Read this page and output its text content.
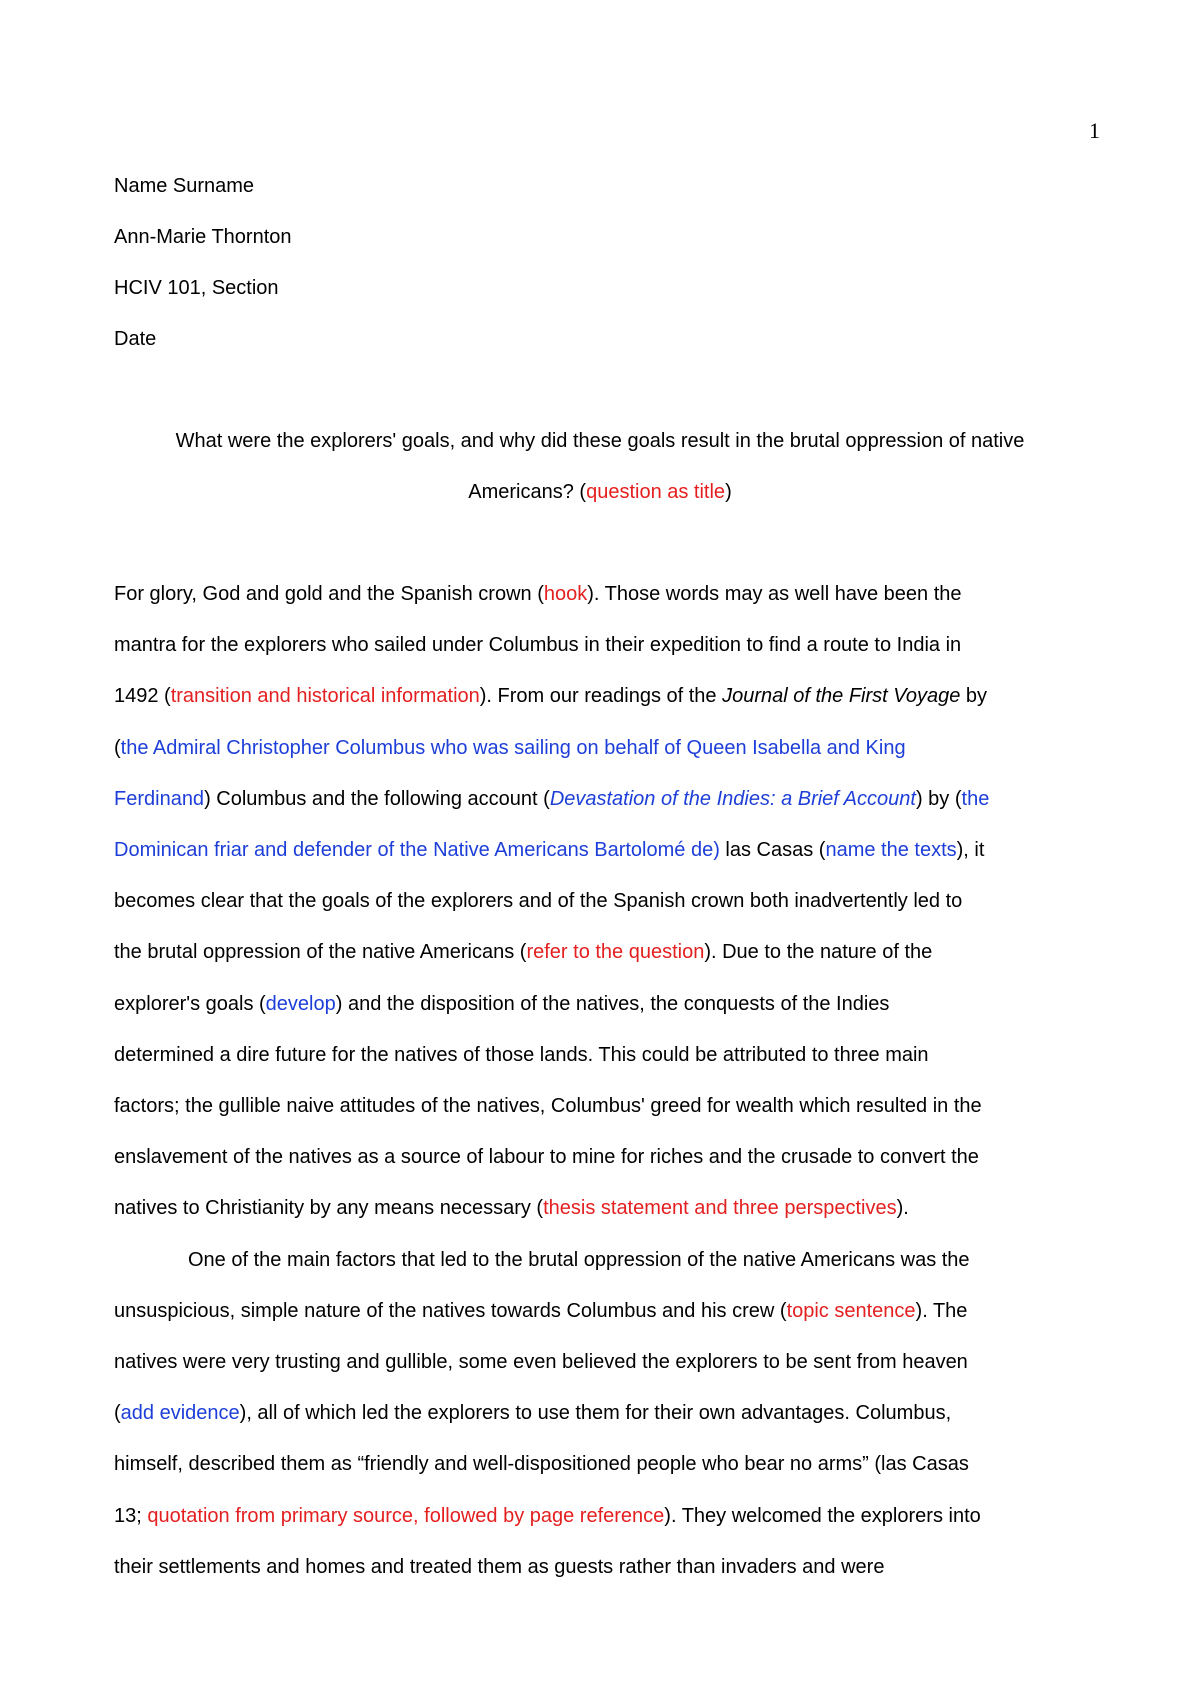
1
Name Surname
Ann-Marie Thornton
HCIV 101, Section
Date
What were the explorers' goals, and why did these goals result in the brutal oppression of native
Americans? (question as title)
For glory, God and gold and the Spanish crown (hook). Those words may as well have been the
mantra for the explorers who sailed under Columbus in their expedition to find a route to India in
1492 (transition and historical information). From our readings of the Journal of the First Voyage by
(the Admiral Christopher Columbus who was sailing on behalf of Queen Isabella and King
Ferdinand) Columbus and the following account (Devastation of the Indies: a Brief Account) by (the
Dominican friar and defender of the Native Americans Bartolomé de) las Casas (name the texts), it
becomes clear that the goals of the explorers and of the Spanish crown both inadvertently led to
the brutal oppression of the native Americans (refer to the question). Due to the nature of the
explorer's goals (develop) and the disposition of the natives, the conquests of the Indies
determined a dire future for the natives of those lands. This could be attributed to three main
factors; the gullible naive attitudes of the natives, Columbus' greed for wealth which resulted in the
enslavement of the natives as a source of labour to mine for riches and the crusade to convert the
natives to Christianity by any means necessary (thesis statement and three perspectives).
One of the main factors that led to the brutal oppression of the native Americans was the
unsuspicious, simple nature of the natives towards Columbus and his crew (topic sentence). The
natives were very trusting and gullible, some even believed the explorers to be sent from heaven
(add evidence), all of which led the explorers to use them for their own advantages. Columbus,
himself, described them as “friendly and well-dispositioned people who bear no arms” (las Casas
13; quotation from primary source, followed by page reference). They welcomed the explorers into
their settlements and homes and treated them as guests rather than invaders and were
